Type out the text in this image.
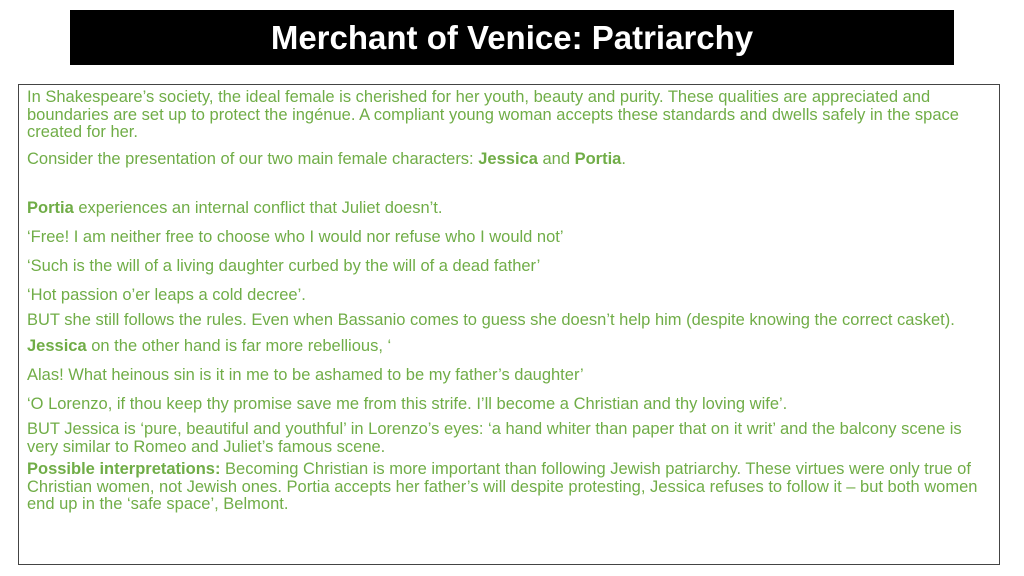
Merchant of Venice: Patriarchy

In Shakespeare’s society, the ideal female is cherished for her youth, beauty and purity. These qualities are appreciated and boundaries are set up to protect the ingénue. A compliant young woman accepts these standards and dwells safely in the space created for her.

Consider the presentation of our two main female characters: Jessica and Portia.

Portia experiences an internal conflict that Juliet doesn’t.

‘Free! I am neither free to choose who I would nor refuse who I would not’

‘Such is the will of a living daughter curbed by the will of a dead father’

‘Hot passion o’er leaps a cold decree’.

BUT she still follows the rules. Even when Bassanio comes to guess she doesn’t help him (despite knowing the correct casket).

Jessica on the other hand is far more rebellious, ‘

Alas! What heinous sin is it in me to be ashamed to be my father’s daughter’

‘O Lorenzo, if thou keep thy promise save me from this strife. I’ll become a Christian and thy loving wife’.

BUT Jessica is ‘pure, beautiful and youthful’ in Lorenzo’s eyes: ‘a hand whiter than paper that on it writ’ and the balcony scene is very similar to Romeo and Juliet’s famous scene.

Possible interpretations: Becoming Christian is more important than following Jewish patriarchy. These virtues were only true of Christian women, not Jewish ones. Portia accepts her father’s will despite protesting, Jessica refuses to follow it – but both women end up in the ‘safe space’, Belmont.
